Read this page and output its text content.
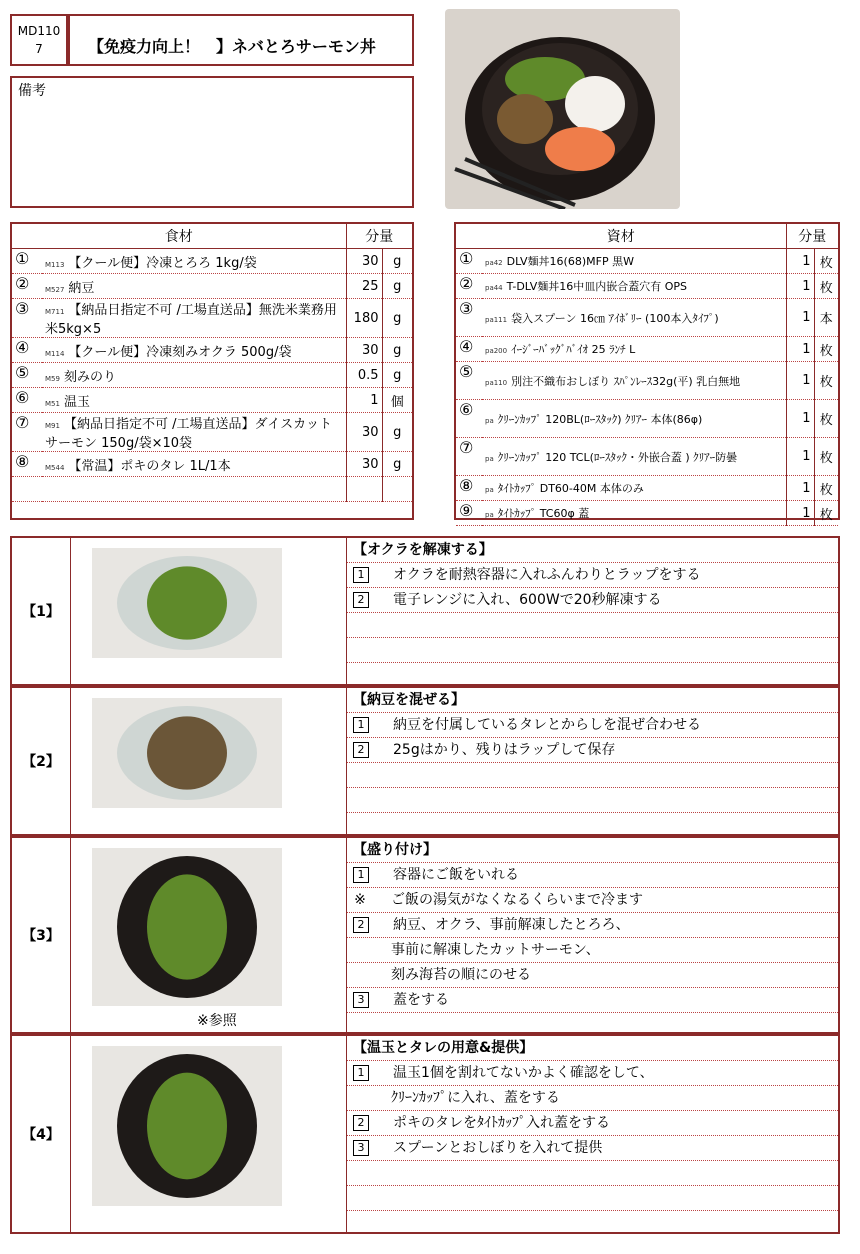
MD110
7	【免疫力向上！　】ネバとろサーモン丼
備考
食材		分量	
①	M113 【クール便】冷凍とろろ 1kg/袋	30	g
②	M527 納豆	25	g
③	M711 【納品日指定不可 /工場直送品】無洗米業務用米5kg×5	180	g
④	M114 【クール便】冷凍刻みオクラ 500g/袋	30	g
⑤	M59 刻みのり	0.5	g
⑥	M51 温玉	1	個
⑦	M91 【納品日指定不可 /工場直送品】ダイスカットサーモン 150g/袋×10袋	30	g
⑧	M544 【常温】ポキのタレ 1L/1本	30	g

資材		分量	
①	pa42 DLV麺丼16(68)MFP 黒W	1	枚
②	pa44 T-DLV麺丼16中皿内嵌合蓋穴有 OPS	1	枚
③	pa111 袋入スプーン 16㎝ ｱｲﾎﾞﾘｰ (100本入ﾀｲﾌﾟ)	1	本
④	pa200 ｲｰｼﾞｰﾊﾞｯｸﾞﾊﾞｲｵ 25 ﾗﾝﾁ L	1	枚
⑤	pa110 別注不織布おしぼり ｽﾊﾟﾝﾚｰｽ32g(平) 乳白無地	1	枚
⑥	pa ｸﾘｰﾝｶｯﾌﾟ 120BL(ﾛｰｽﾀｯｸ) ｸﾘｱｰ 本体(86φ)	1	枚
⑦	pa ｸﾘｰﾝｶｯﾌﾟ 120 TCL(ﾛｰｽﾀｯｸ・外嵌合蓋 ) ｸﾘｱｰ防曇	1	枚
⑧	pa ﾀｲﾄｶｯﾌﾟ DT60-40M 本体のみ	1	枚
⑨	pa ﾀｲﾄｶｯﾌﾟ TC60φ 蓋	1	枚
【1】
【オクラを解凍する】
1 オクラを耐熱容器に入れふんわりとラップをする
2 電子レンジに入れ、600Wで20秒解凍する
【2】
【納豆を混ぜる】
1 納豆を付属しているタレとからしを混ぜ合わせる
2 25gはかり、残りはラップして保存
【3】
※参照
【盛り付け】
1 容器にご飯をいれる
※ ご飯の湯気がなくなるくらいまで冷ます
2 納豆、オクラ、事前解凍したとろろ、
事前に解凍したカットサーモン、
刻み海苔の順にのせる
3 蓋をする
【4】
【温玉とタレの用意&提供】
1 温玉1個を割れてないかよく確認をして、
ｸﾘｰﾝｶｯﾌﾟに入れ、蓋をする
2 ポキのタレをﾀｲﾄｶｯﾌﾟ入れ蓋をする
3 スプーンとおしぼりを入れて提供
